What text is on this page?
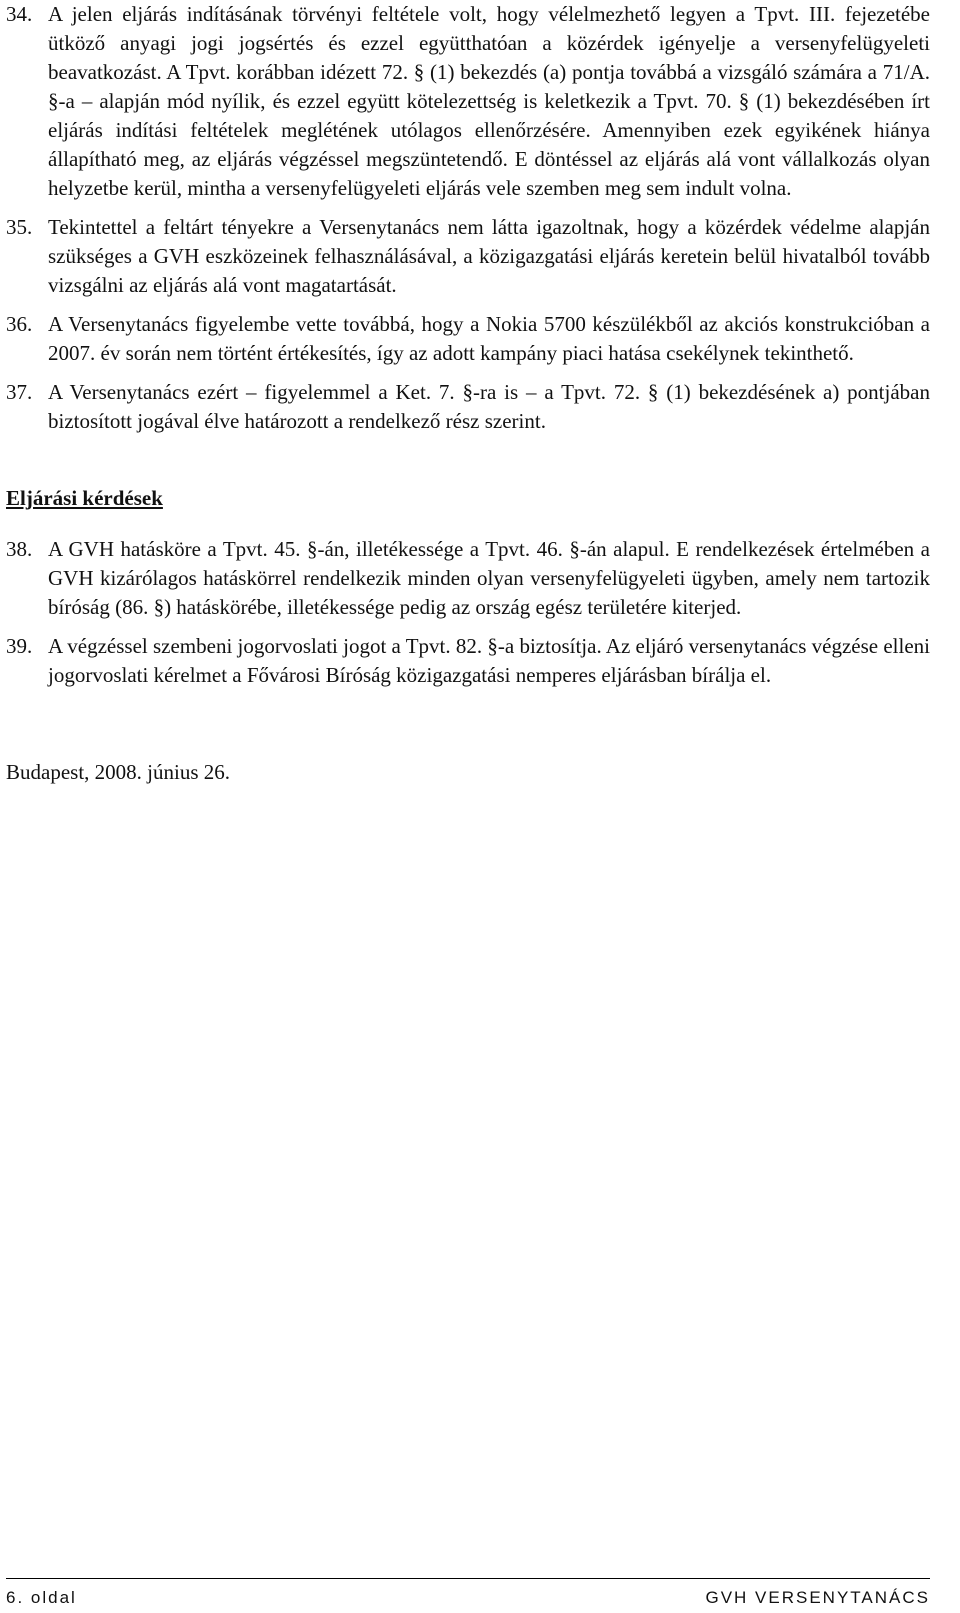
34. A jelen eljárás indításának törvényi feltétele volt, hogy vélelmezhető legyen a Tpvt. III. fejezetébe ütköző anyagi jogi jogsértés és ezzel együtthatóan a közérdek igényelje a versenyfelügyeleti beavatkozást. A Tpvt. korábban idézett 72. § (1) bekezdés (a) pontja továbbá a vizsgáló számára a 71/A. §-a – alapján mód nyílik, és ezzel együtt kötelezettség is keletkezik a Tpvt. 70. § (1) bekezdésében írt eljárás indítási feltételek meglétének utólagos ellenőrzésére. Amennyiben ezek egyikének hiánya állapítható meg, az eljárás végzéssel megszüntetendő. E döntéssel az eljárás alá vont vállalkozás olyan helyzetbe kerül, mintha a versenyfelügyeleti eljárás vele szemben meg sem indult volna.
35. Tekintettel a feltárt tényekre a Versenytanács nem látta igazoltnak, hogy a közérdek védelme alapján szükséges a GVH eszközeinek felhasználásával, a közigazgatási eljárás keretein belül hivatalból tovább vizsgálni az eljárás alá vont magatartását.
36. A Versenytanács figyelembe vette továbbá, hogy a Nokia 5700 készülékből az akciós konstrukcióban a 2007. év során nem történt értékesítés, így az adott kampány piaci hatása csekélynek tekinthető.
37. A Versenytanács ezért – figyelemmel a Ket. 7. §-ra is – a Tpvt. 72. § (1) bekezdésének a) pontjában biztosított jogával élve határozott a rendelkező rész szerint.
Eljárási kérdések
38. A GVH hatásköre a Tpvt. 45. §-án, illetékessége a Tpvt. 46. §-án alapul. E rendelkezések értelmében a GVH kizárólagos hatáskörrel rendelkezik minden olyan versenyfelügyeleti ügyben, amely nem tartozik bíróság (86. §) hatáskörébe, illetékessége pedig az ország egész területére kiterjed.
39. A végzéssel szembeni jogorvoslati jogot a Tpvt. 82. §-a biztosítja. Az eljáró versenytanács végzése elleni jogorvoslati kérelmet a Fővárosi Bíróság közigazgatási nemperes eljárásban bírálja el.
Budapest, 2008. június 26.
6. oldal	GVH VERSENYTANÁCS
